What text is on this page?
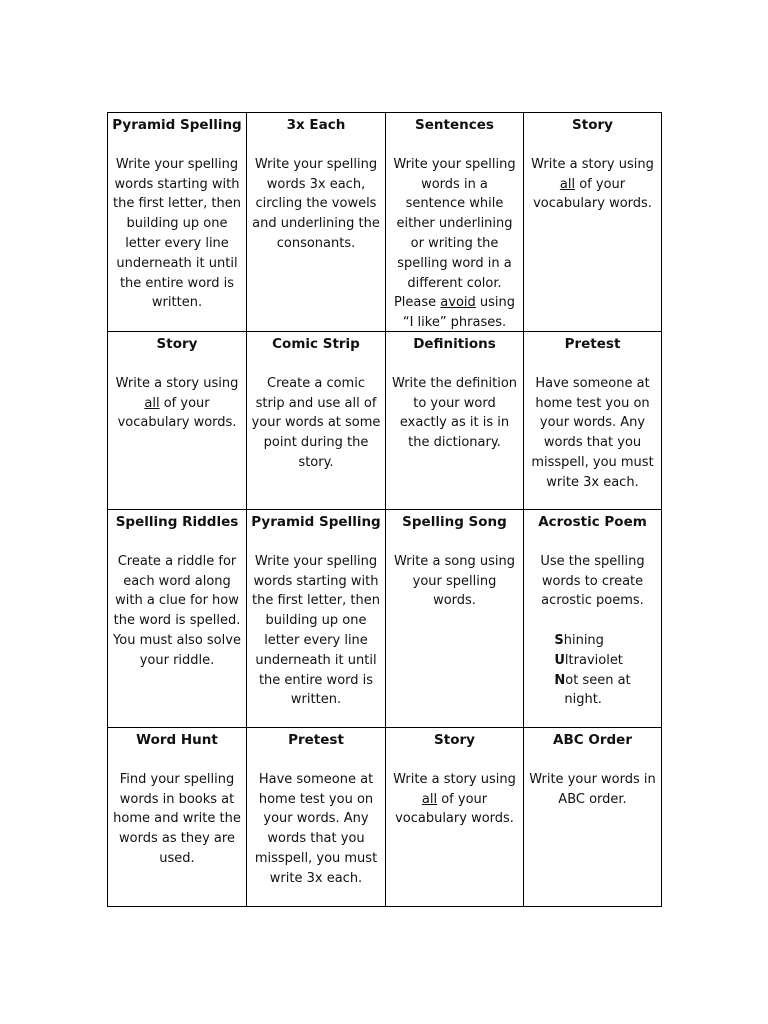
Pyramid Spelling

Write your spelling words starting with the first letter, then building up one letter every line underneath it until the entire word is written.

3x Each

Write your spelling words 3x each, circling the vowels and underlining the consonants.

Sentences

Write your spelling words in a sentence while either underlining or writing the spelling word in a different color. Please avoid using “I like” phrases.

Story

Write a story using all of your vocabulary words.

Story

Write a story using all of your vocabulary words.

Comic Strip

Create a comic strip and use all of your words at some point during the story.

Definitions

Write the definition to your word exactly as it is in the dictionary.

Pretest

Have someone at home test you on your words. Any words that you misspell, you must write 3x each.

Spelling Riddles

Create a riddle for each word along with a clue for how the word is spelled. You must also solve your riddle.

Pyramid Spelling

Write your spelling words starting with the first letter, then building up one letter every line underneath it until the entire word is written.

Spelling Song

Write a song using your spelling words.

Acrostic Poem

Use the spelling words to create acrostic poems.

Shining
Ultraviolet
Not seen at
night.
Word Hunt

Find your spelling words in books at home and write the words as they are used.

Pretest

Have someone at home test you on your words. Any words that you misspell, you must write 3x each.

Story

Write a story using all of your vocabulary words.

ABC Order

Write your words in ABC order.
